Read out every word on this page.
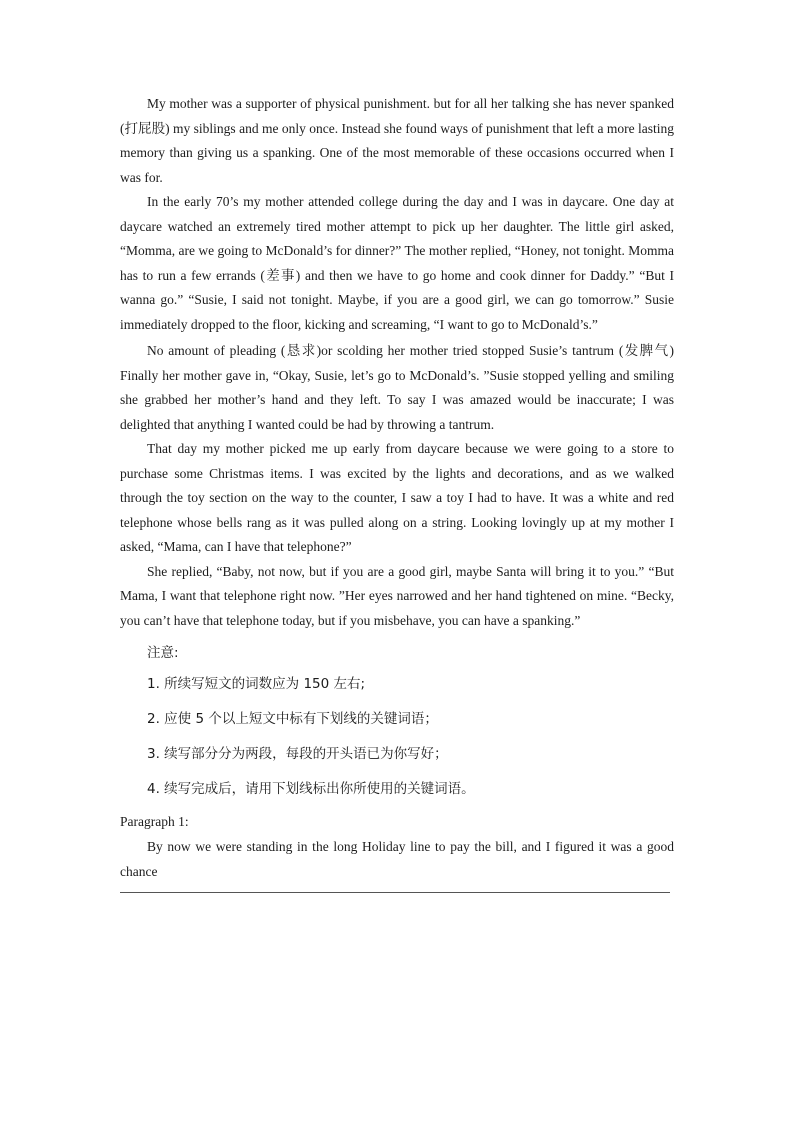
My mother was a supporter of physical punishment. but for all her talking she has never spanked (打屁股) my siblings and me only once. Instead she found ways of punishment that left a more lasting memory than giving us a spanking. One of the most memorable of these occasions occurred when I was for.

In the early 70’s my mother attended college during the day and I was in daycare. One day at daycare watched an extremely tired mother attempt to pick up her daughter. The little girl asked, “Momma, are we going to McDonald’s for dinner?” The mother replied, “Honey, not tonight. Momma has to run a few errands (差事) and then we have to go home and cook dinner for Daddy.” “But I wanna go.” “Susie, I said not tonight. Maybe, if you are a good girl, we can go tomorrow.” Susie immediately dropped to the floor, kicking and screaming, “I want to go to McDonald’s.”

No amount of pleading (恳求)or scolding her mother tried stopped Susie’s tantrum (发脾气) Finally her mother gave in, “Okay, Susie, let’s go to McDonald’s. ”Susie stopped yelling and smiling she grabbed her mother’s hand and they left. To say I was amazed would be inaccurate; I was delighted that anything I wanted could be had by throwing a tantrum.

That day my mother picked me up early from daycare because we were going to a store to purchase some Christmas items. I was excited by the lights and decorations, and as we walked through the toy section on the way to the counter, I saw a toy I had to have. It was a white and red telephone whose bells rang as it was pulled along on a string. Looking lovingly up at my mother I asked, “Mama, can I have that telephone?”

She replied, “Baby, not now, but if you are a good girl, maybe Santa will bring it to you.” “But Mama, I want that telephone right now. ”Her eyes narrowed and her hand tightened on mine. “Becky, you can’t have that telephone today, but if you misbehave, you can have a spanking.”

注意:

1. 所续写短文的词数应为 150 左右;

2. 应使 5 个以上短文中标有下划线的关键词语；

3. 续写部分分为两段，每段的开头语已为你写好；

4. 续写完成后，请用下划线标出你所使用的关键词语。

Paragraph 1:

By now we were standing in the long Holiday line to pay the bill, and I figured it was a good chance
